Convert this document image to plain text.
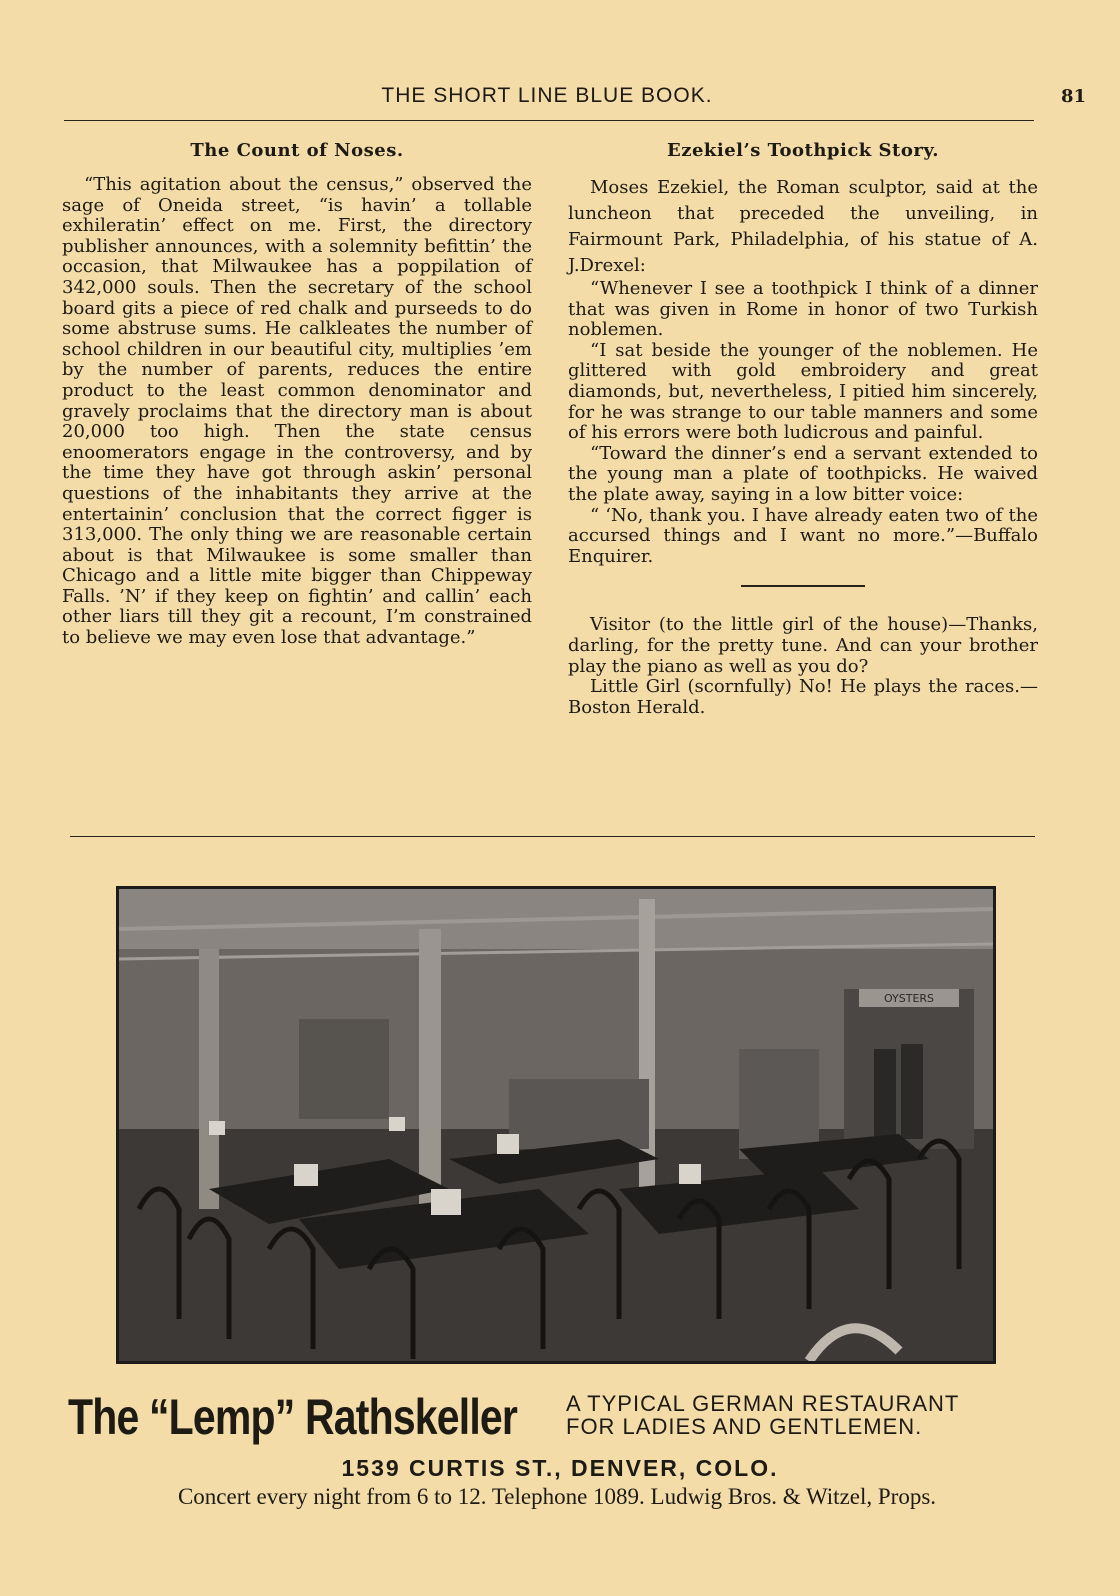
THE SHORT LINE BLUE BOOK.	81
The Count of Noses.

“This agitation about the census,” observed the sage of Oneida street, “is havin’ a tollable exhileratin’ effect on me. First, the directory publisher announces, with a solemnity befittin’ the occasion, that Milwaukee has a poppilation of 342,000 souls. Then the secretary of the school board gits a piece of red chalk and purseeds to do some abstruse sums. He calkleates the number of school children in our beautiful city, multiplies ’em by the number of parents, reduces the entire product to the least common denominator and gravely proclaims that the directory man is about 20,000 too high. Then the state census enoomerators engage in the controversy, and by the time they have got through askin’ personal questions of the inhabitants they arrive at the entertainin’ conclusion that the correct figger is 313,000. The only thing we are reasonable certain about is that Milwaukee is some smaller than Chicago and a little mite bigger than Chippeway Falls. ’N’ if they keep on fightin’ and callin’ each other liars till they git a recount, I’m constrained to believe we may even lose that advantage.”

Ezekiel’s Toothpick Story.

Moses Ezekiel, the Roman sculptor, said at the luncheon that preceded the unveiling, in Fairmount Park, Philadelphia, of his statue of A. J.Drexel:

“Whenever I see a toothpick I think of a dinner that was given in Rome in honor of two Turkish noblemen.

“I sat beside the younger of the noblemen. He glittered with gold embroidery and great diamonds, but, nevertheless, I pitied him sincerely, for he was strange to our table manners and some of his errors were both ludicrous and painful.

“Toward the dinner’s end a servant extended to the young man a plate of toothpicks. He waived the plate away, saying in a low bitter voice:

“ ‘No, thank you. I have already eaten two of the accursed things and I want no more.”—Buffalo Enquirer.

Visitor (to the little girl of the house)—Thanks, darling, for the pretty tune. And can your brother play the piano as well as you do?

Little Girl (scornfully) No! He plays the races.—Boston Herald.

OYSTERS
The “Lemp” Rathskeller A TYPICAL GERMAN RESTAURANT
FOR LADIES AND GENTLEMEN.
1539 CURTIS ST., DENVER, COLO.
Concert every night from 6 to 12. Telephone 1089. Ludwig Bros. & Witzel, Props.
